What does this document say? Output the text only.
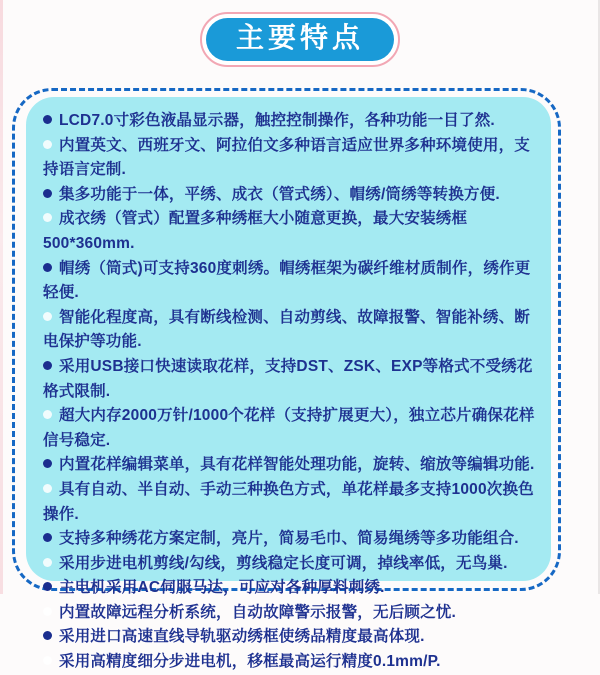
主要特点
LCD7.0寸彩色液晶显示器，触控控制操作，各种功能一目了然.
内置英文、西班牙文、阿拉伯文多种语言适应世界多种环境使用，支持语言定制.
集多功能于一体，平绣、成衣（管式绣）、帽绣/筒绣等转换方便.
成衣绣（管式）配置多种绣框大小随意更换，最大安装绣框500*360mm.
帽绣（筒式)可支持360度刺绣。帽绣框架为碳纤维材质制作，绣作更轻便.
智能化程度高，具有断线检测、自动剪线、故障报警、智能补绣、断电保护等功能.
采用USB接口快速读取花样，支持DST、ZSK、EXP等格式不受绣花格式限制.
超大内存2000万针/1000个花样（支持扩展更大），独立芯片确保花样信号稳定.
内置花样编辑菜单，具有花样智能处理功能，旋转、缩放等编辑功能.
具有自动、半自动、手动三种换色方式，单花样最多支持1000次换色操作.
支持多种绣花方案定制，亮片，简易毛巾、简易绳绣等多功能组合.
采用步进电机剪线/勾线，剪线稳定长度可调，掉线率低，无鸟巢.
主电机采用AC伺服马达，可应对各种厚料刺绣.
内置故障远程分析系统，自动故障警示报警，无后顾之忧.
采用进口高速直线导轨驱动绣框使绣品精度最高体现.
采用高精度细分步进电机，移框最高运行精度0.1mm/P.
